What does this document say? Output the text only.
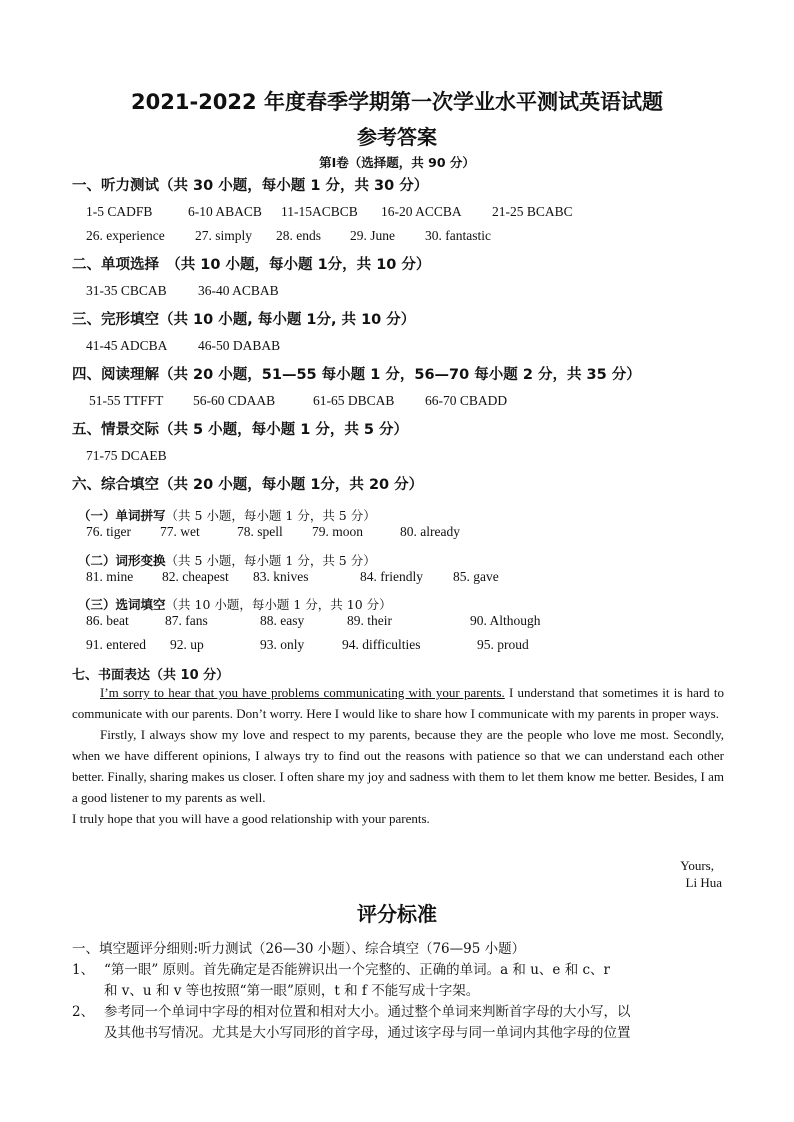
2021-2022 年度春季学期第一次学业水平测试英语试题
参考答案
第Ⅰ卷（选择题，共 90 分）
一、听力测试（共 30 小题，每小题 1 分，共 30 分）
1-5 CADFB	6-10 ABACB 11-15ACBCB 16-20 ACCBA 21-25 BCABC
26. experience 27. simply 28. ends 29. June 30. fantastic
二、单项选择　（共 10 小题，每小题 1分，共 10 分）
31-35 CBCAB 36-40 ACBAB
三、完形填空（共 10 小题, 每小题 1分, 共 10 分）
41-45 ADCBA 46-50 DABAB
四、阅读理解（共 20 小题，51—55 每小题 1 分，56—70 每小题 2 分，共 35 分）
51-55 TTFFT 56-60 CDAAB	61-65 DBCAB 66-70 CBADD
五、情景交际（共 5 小题，每小题 1 分，共 5 分）
71-75 DCAEB
六、综合填空（共 20 小题，每小题 1分，共 20 分）
（一）单词拼写（共 5 小题，每小题 1 分，共 5 分）
76. tiger 77. wet	78. spell 79. moon	80. already
（二）词形变换（共 5 小题，每小题 1 分，共 5 分）
81. mine 82. cheapest 83. knives	84. friendly 85. gave
（三）选词填空（共 10 小题，每小题 1 分，共 10 分）
86. beat	87. fans	88. easy	89. their	90. Although
91. entered 92. up	93. only	94. difficulties	95. proud
七、书面表达（共 10 分）

I’m sorry to hear that you have problems communicating with your parents. I understand that sometimes it is hard to communicate with our parents. Don’t worry. Here I would like to share how I communicate with my parents in proper ways.

Firstly, I always show my love and respect to my parents, because they are the people who love me most. Secondly, when we have different opinions, I always try to find out the reasons with patience so that we can understand each other better. Finally, sharing makes us closer. I often share my joy and sadness with them to let them know me better. Besides, I am a good listener to my parents as well.

I truly hope that you will have a good relationship with your parents.

Yours,
Li Hua
评分标准
一、填空题评分细则:听力测试（26—30 小题）、综合填空（76—95 小题）
1、 “第一眼” 原则。首先确定是否能辨识出一个完整的、正确的单词。a 和 u、e 和 c、r
和 v、u 和 v 等也按照“第一眼”原则，t 和 f 不能写成十字架。
2、 参考同一个单词中字母的相对位置和相对大小。通过整个单词来判断首字母的大小写，以
及其他书写情况。尤其是大小写同形的首字母，通过该字母与同一单词内其他字母的位置
